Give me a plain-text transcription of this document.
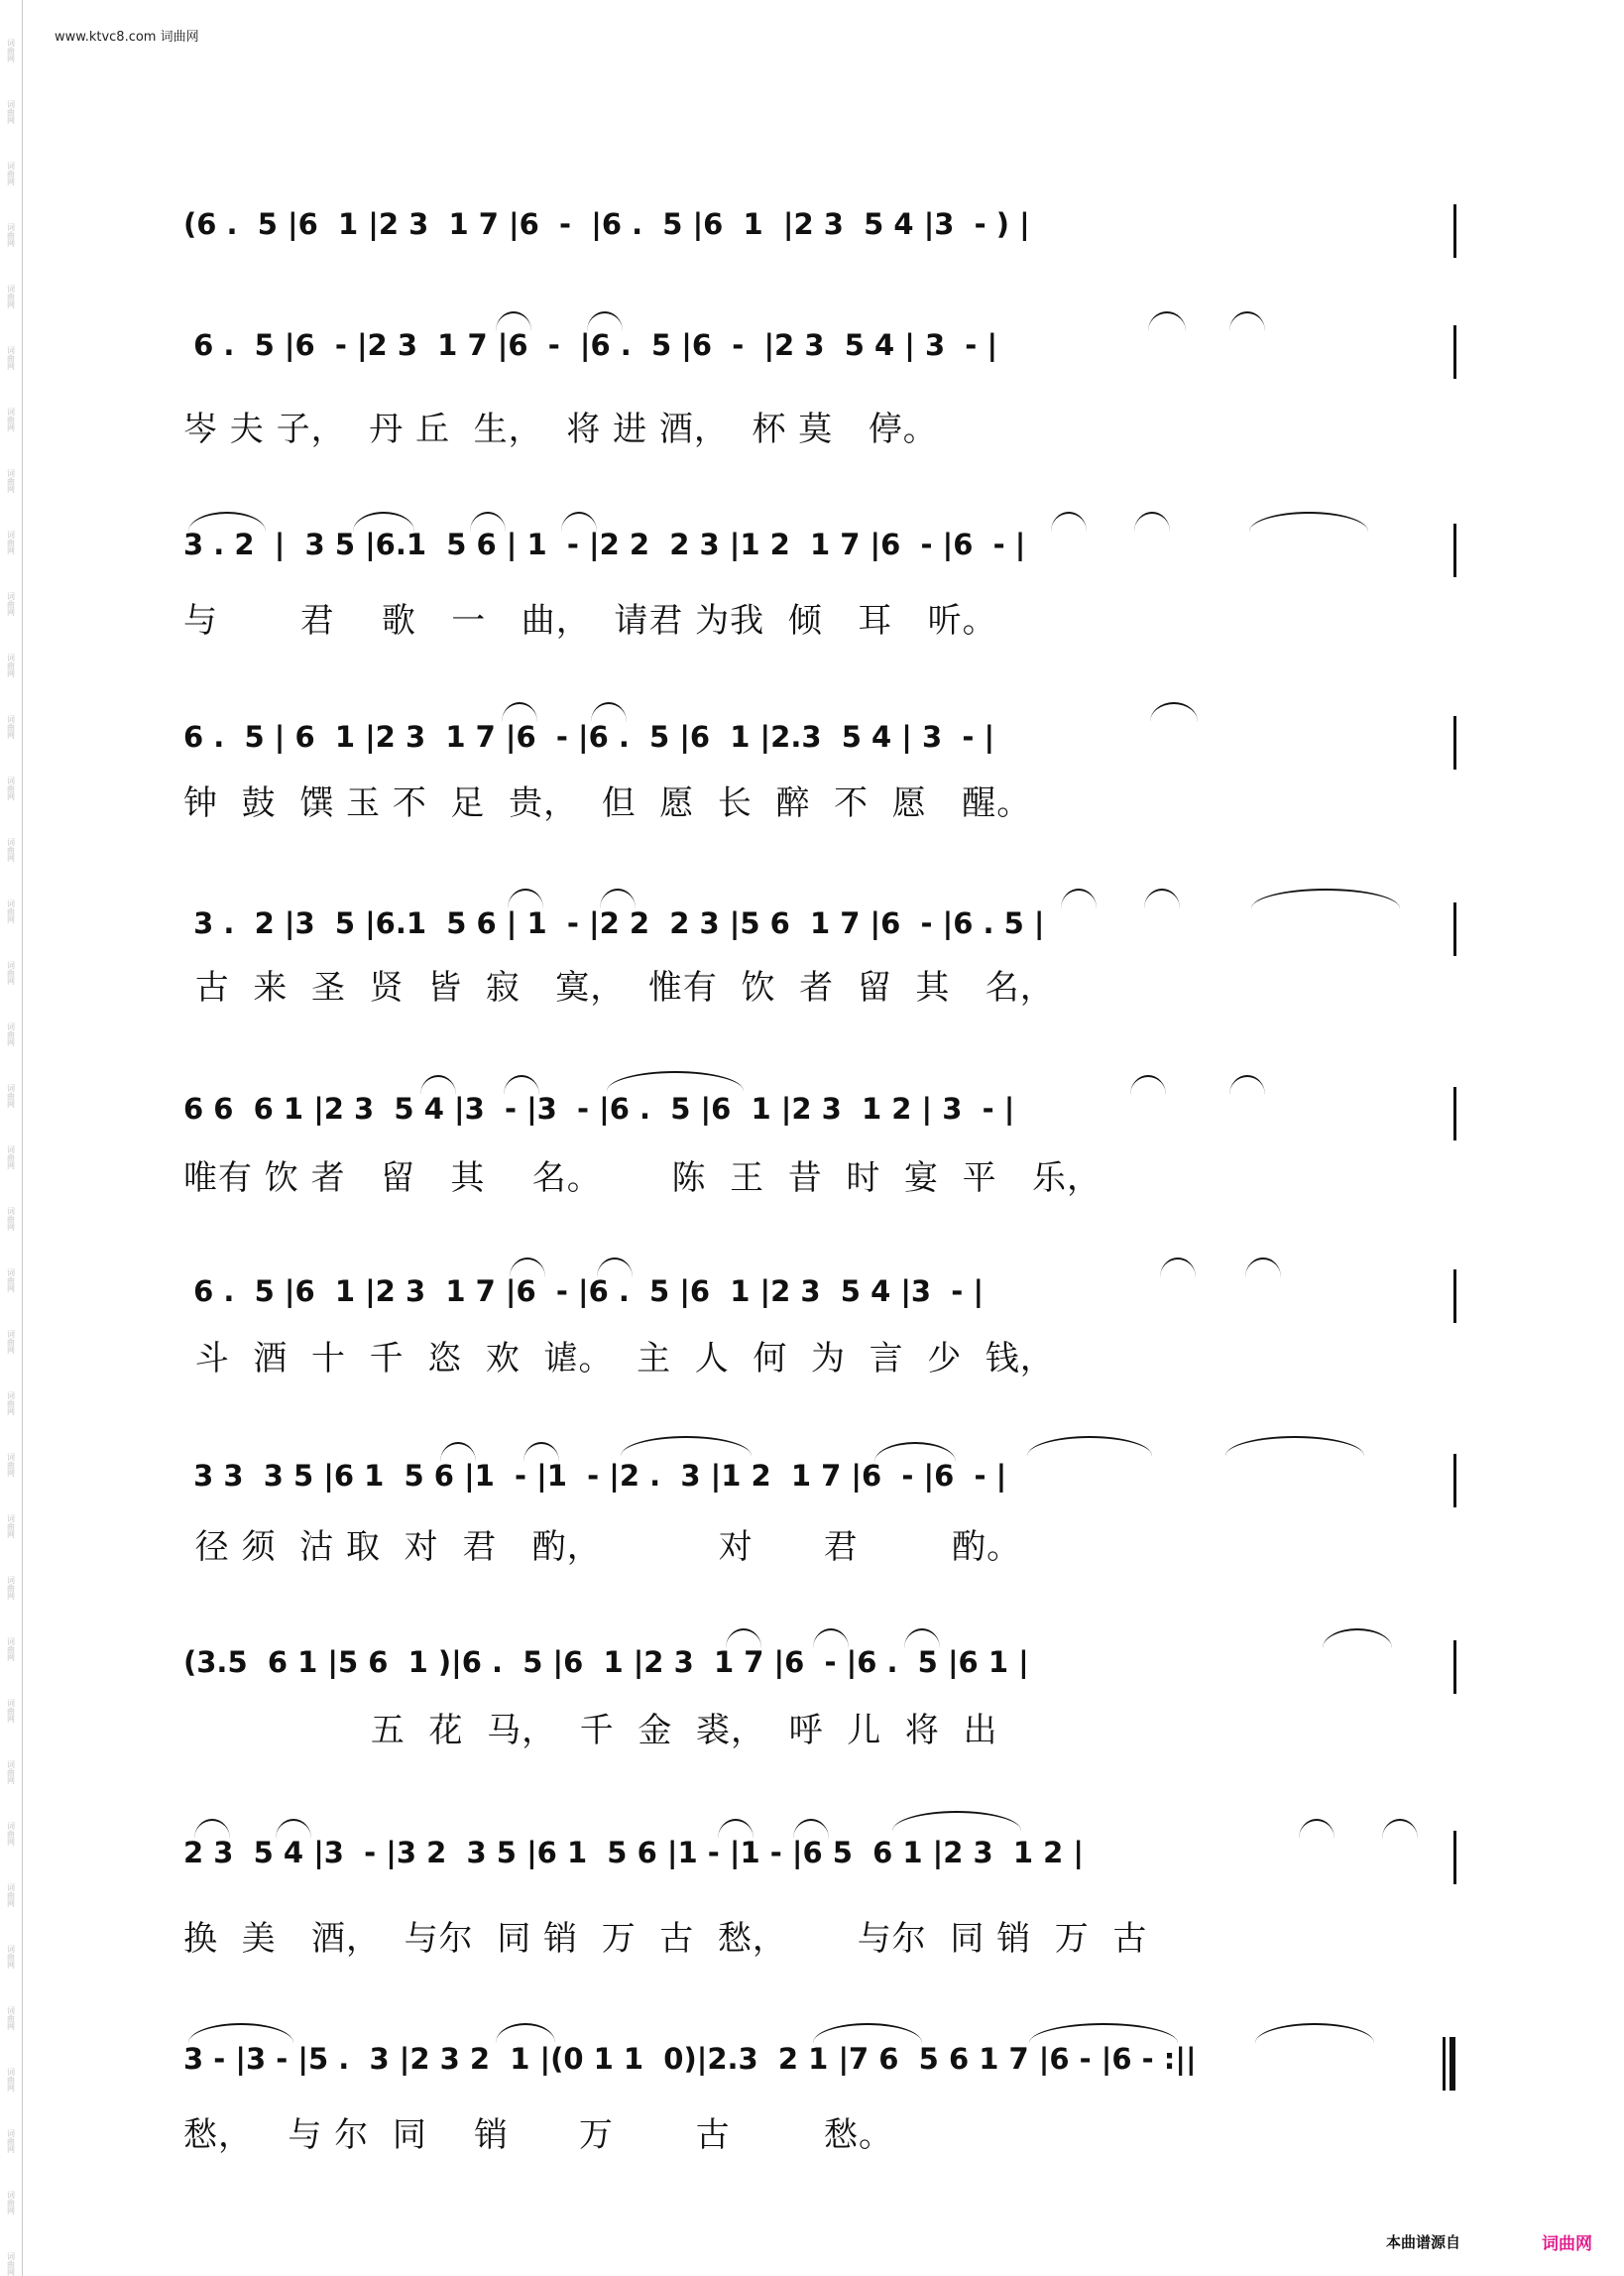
词
曲
网
词
曲
网
词
曲
网
词
曲
网
词
曲
网
词
曲
网
词
曲
网
词
曲
网
词
曲
网
词
曲
网
词
曲
网
词
曲
网
词
曲
网
词
曲
网
词
曲
网
词
曲
网
词
曲
网
词
曲
网
词
曲
网
词
曲
网
词
曲
网
词
曲
网
词
曲
网
词
曲
网
词
曲
网
词
曲
网
词
曲
网
词
曲
网
词
曲
网
词
曲
网
词
曲
网
词
曲
网
词
曲
网
词
曲
网
词
曲
网
词
曲
网
词
曲
网
www.ktvc8.com 词曲网
(6 .  5 |6  1 |2 3  1 7 |6  -  |6 .  5 |6  1  |2 3  5 4 |3  - ) |
6 .  5 |6  - |2 3  1 7 |6  -  |6 .  5 |6  -  |2 3  5 4 | 3  - |
岑 夫 子，  丹 丘  生，  将 进 酒，  杯 莫   停。
3 . 2  |  3 5 |6.1  5 6 | 1  - |2 2  2 3 |1 2  1 7 |6  - |6  - |
与       君    歌   一   曲，  请君 为我  倾   耳   听。
6 .  5 | 6  1 |2 3  1 7 |6  - |6 .  5 |6  1 |2.3  5 4 | 3  - |
钟  鼓  馔 玉 不  足  贵，  但  愿  长  醉  不  愿   醒。
3 .  2 |3  5 |6.1  5 6 | 1  - |2 2  2 3 |5 6  1 7 |6  - |6 . 5 |
古  来  圣  贤  皆  寂   寞，  惟有  饮  者  留  其   名，
6 6  6 1 |2 3  5 4 |3  - |3  - |6 .  5 |6  1 |2 3  1 2 | 3  - |
唯有 饮 者   留   其    名。      陈  王  昔  时  宴  平   乐，
6 .  5 |6  1 |2 3  1 7 |6  - |6 .  5 |6  1 |2 3  5 4 |3  - |
斗  酒  十  千  恣  欢  谑。  主  人  何  为  言  少  钱，
3 3  3 5 |6 1  5 6 |1  - |1  - |2 .  3 |1 2  1 7 |6  - |6  - |
径 须  沽 取  对  君   酌，          对      君        酌。
(3.5  6 1 |5 6  1 )|6 .  5 |6  1 |2 3  1 7 |6  - |6 .  5 |6 1 |
五  花  马，  千  金  裘，  呼  儿  将  出
2 3  5 4 |3  - |3 2  3 5 |6 1  5 6 |1 - |1 - |6 5  6 1 |2 3  1 2 |
换  美   酒，  与尔  同 销  万  古  愁，      与尔  同 销  万  古
3 - |3 - |5 .  3 |2 3 2  1 |(0 1 1  0)|2.3  2 1 |7 6  5 6 1 7 |6 - |6 - :||
愁，   与 尔  同    销      万       古        愁。
本曲谱源自	词曲网
